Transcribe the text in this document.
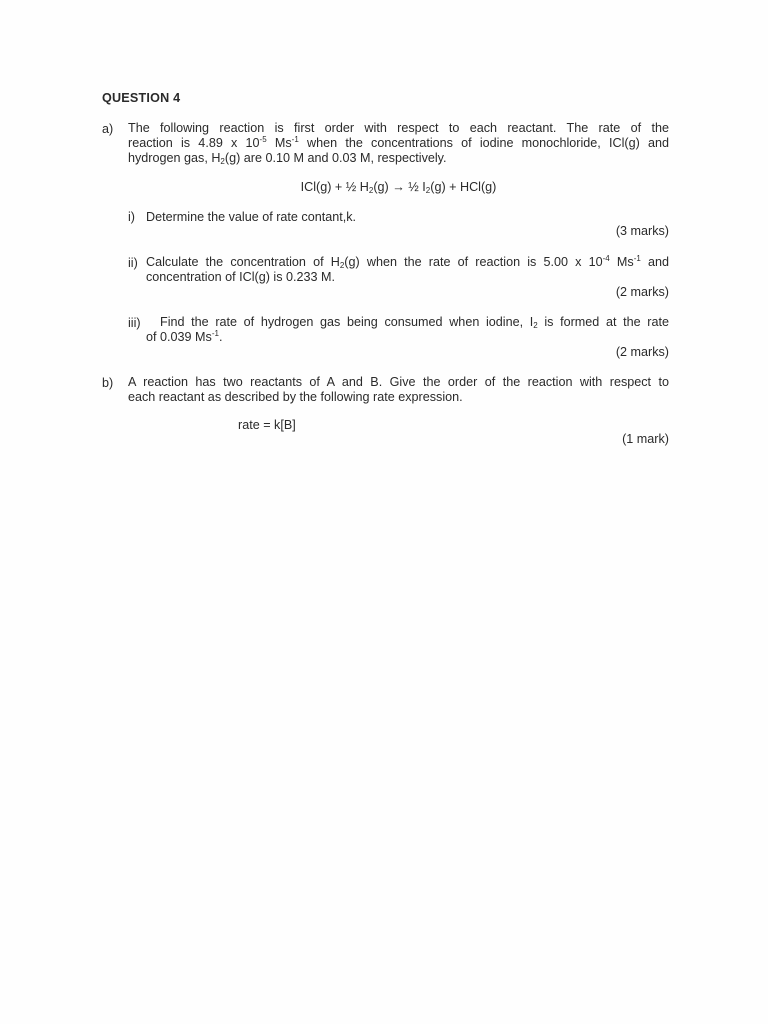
QUESTION 4
a) The following reaction is first order with respect to each reactant. The rate of the
reaction is 4.89 x $10^{-5}$ $Ms^{-1}$ when the concentrations of iodine monochloride, ICl(g) and
hydrogen gas, $H_2(g)$ are 0.10 M and 0.03 M, respectively.
ICl(g) + ½ $H_2(g)$ → ½ $I_2(g) + HCl(g)$
i) Determine the value of rate contant,k.
(3 marks)
ii) Calculate the concentration of $H_2(g)$ when the rate of reaction is 5.00 x $10^{-4}$ $Ms^{-1}$ and
concentration of ICl(g) is 0.233 M.
(2 marks)
iii) Find the rate of hydrogen gas being consumed when iodine, $I_2$ is formed at the rate
of 0.039 $Ms^{-1}$.
(2 marks)
b) A reaction has two reactants of A and B. Give the order of the reaction with respect to
each reactant as described by the following rate expression.
rate = k[B]
(1 mark)
